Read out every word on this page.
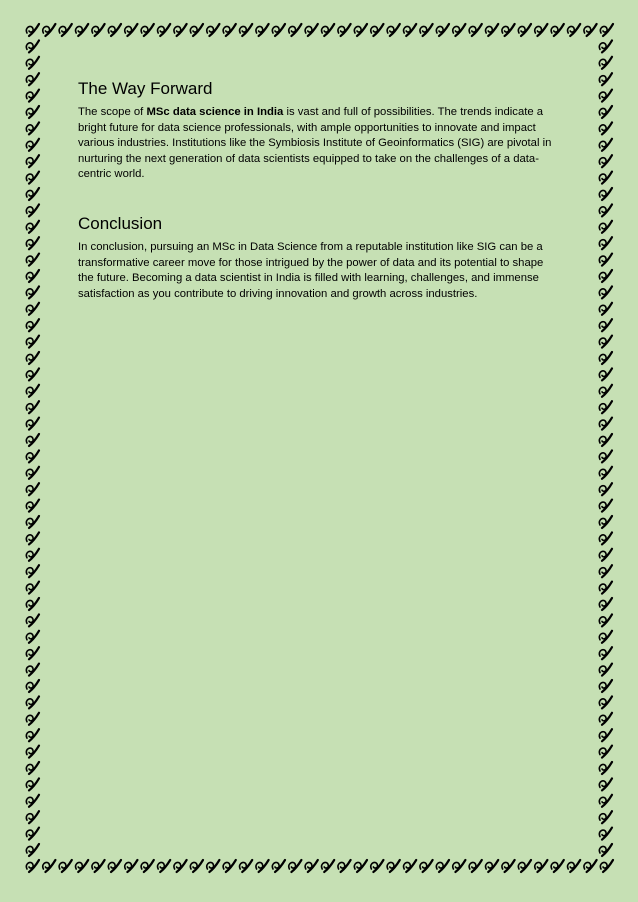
The Way Forward

The scope of MSc data science in India is vast and full of possibilities. The trends indicate a bright future for data science professionals, with ample opportunities to innovate and impact various industries. Institutions like the Symbiosis Institute of Geoinformatics (SIG) are pivotal in nurturing the next generation of data scientists equipped to take on the challenges of a data-centric world.

Conclusion

In conclusion, pursuing an MSc in Data Science from a reputable institution like SIG can be a transformative career move for those intrigued by the power of data and its potential to shape the future. Becoming a data scientist in India is filled with learning, challenges, and immense satisfaction as you contribute to driving innovation and growth across industries.
